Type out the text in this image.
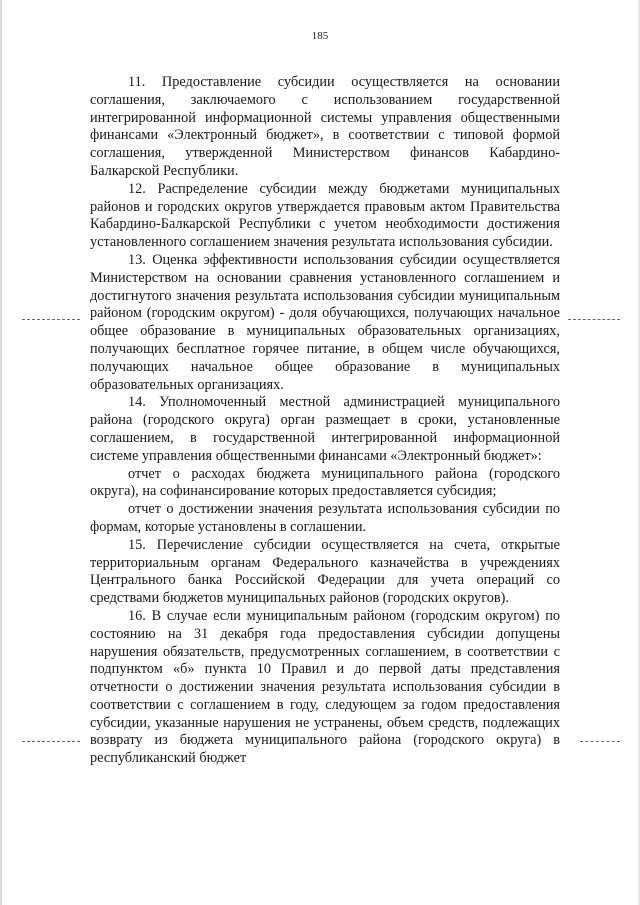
185

11. Предоставление субсидии осуществляется на основании соглашения, заключаемого с использованием государственной интегрированной информационной системы управления общественными финансами «Электронный бюджет», в соответствии с типовой формой соглашения, утвержденной Министерством финансов Кабардино-Балкарской Республики.

12. Распределение субсидии между бюджетами муниципальных районов и городских округов утверждается правовым актом Правительства Кабардино-Балкарской Республики с учетом необходимости достижения установленного соглашением значения результата использования субсидии.

13. Оценка эффективности использования субсидии осуществляется Министерством на основании сравнения установленного соглашением и достигнутого значения результата использования субсидии муниципальным районом (городским округом) - доля обучающихся, получающих начальное общее образование в муниципальных образовательных организациях, получающих бесплатное горячее питание, в общем числе обучающихся, получающих начальное общее образование в муниципальных образовательных организациях.

14. Уполномоченный местной администрацией муниципального района (городского округа) орган размещает в сроки, установленные соглашением, в государственной интегрированной информационной системе управления общественными финансами «Электронный бюджет»:

отчет о расходах бюджета муниципального района (городского округа), на софинансирование которых предоставляется субсидия;

отчет о достижении значения результата использования субсидии по формам, которые установлены в соглашении.

15. Перечисление субсидии осуществляется на счета, открытые территориальным органам Федерального казначейства в учреждениях Центрального банка Российской Федерации для учета операций со средствами бюджетов муниципальных районов (городских округов).

16. В случае если муниципальным районом (городским округом) по состоянию на 31 декабря года предоставления субсидии допущены нарушения обязательств, предусмотренных соглашением, в соответствии с подпунктом «б» пункта 10 Правил и до первой даты представления отчетности о достижении значения результата использования субсидии в соответствии с соглашением в году, следующем за годом предоставления субсидии, указанные нарушения не устранены, объем средств, подлежащих возврату из бюджета муниципального района (городского округа) в республиканский бюджет
